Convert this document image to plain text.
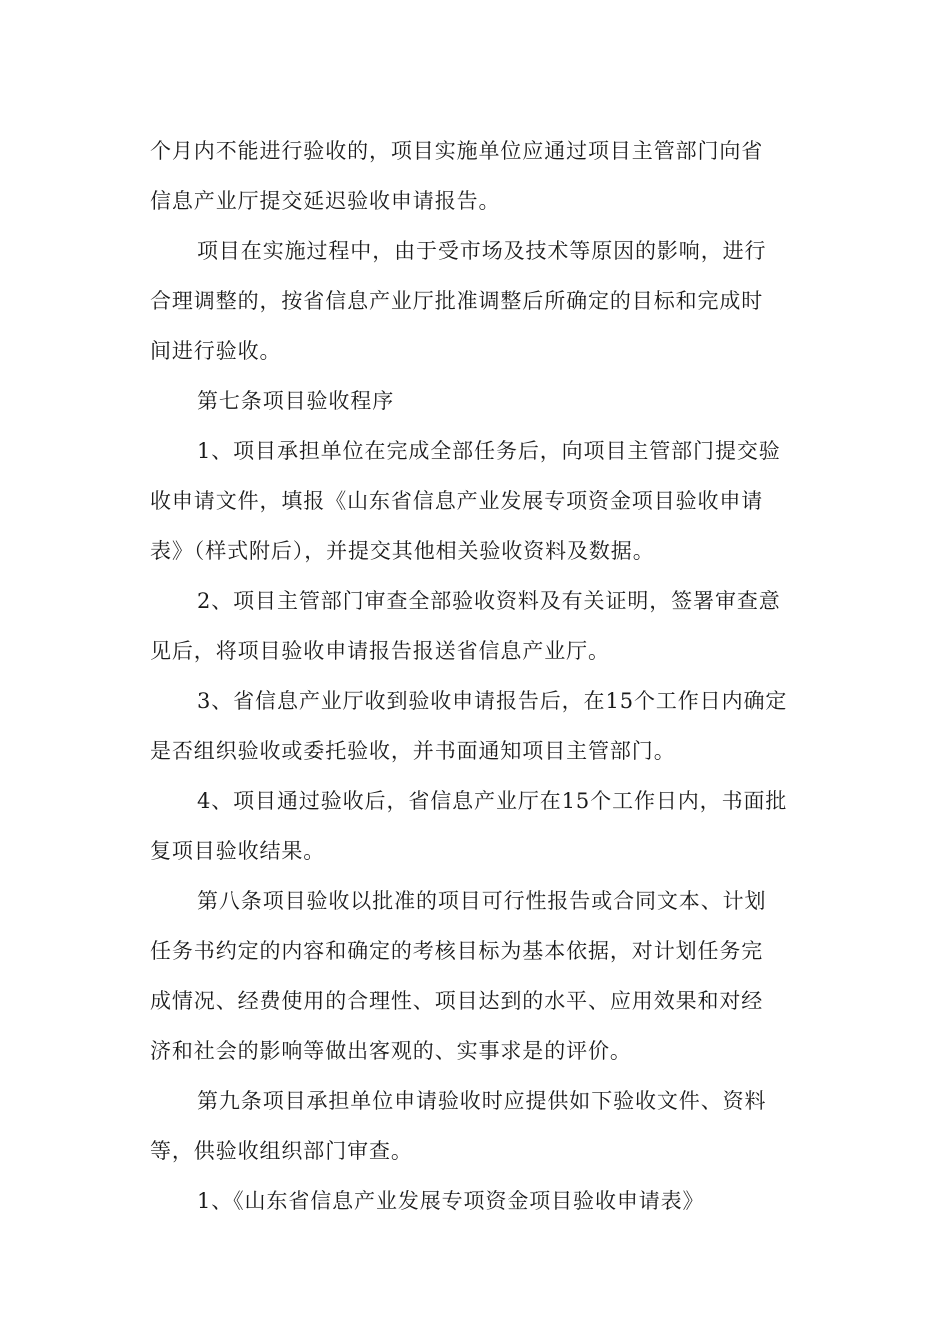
个月内不能进行验收的，项目实施单位应通过项目主管部门向省

信息产业厅提交延迟验收申请报告。

项目在实施过程中，由于受市场及技术等原因的影响，进行

合理调整的，按省信息产业厅批准调整后所确定的目标和完成时

间进行验收。

第七条项目验收程序

1、项目承担单位在完成全部任务后，向项目主管部门提交验

收申请文件，填报《山东省信息产业发展专项资金项目验收申请

表》（样式附后），并提交其他相关验收资料及数据。

2、项目主管部门审查全部验收资料及有关证明，签署审查意

见后，将项目验收申请报告报送省信息产业厅。

3、省信息产业厅收到验收申请报告后，在15个工作日内确定

是否组织验收或委托验收，并书面通知项目主管部门。

4、项目通过验收后，省信息产业厅在15个工作日内，书面批

复项目验收结果。

第八条项目验收以批准的项目可行性报告或合同文本、计划

任务书约定的内容和确定的考核目标为基本依据，对计划任务完

成情况、经费使用的合理性、项目达到的水平、应用效果和对经

济和社会的影响等做出客观的、实事求是的评价。

第九条项目承担单位申请验收时应提供如下验收文件、资料

等，供验收组织部门审查。

1、《山东省信息产业发展专项资金项目验收申请表》
